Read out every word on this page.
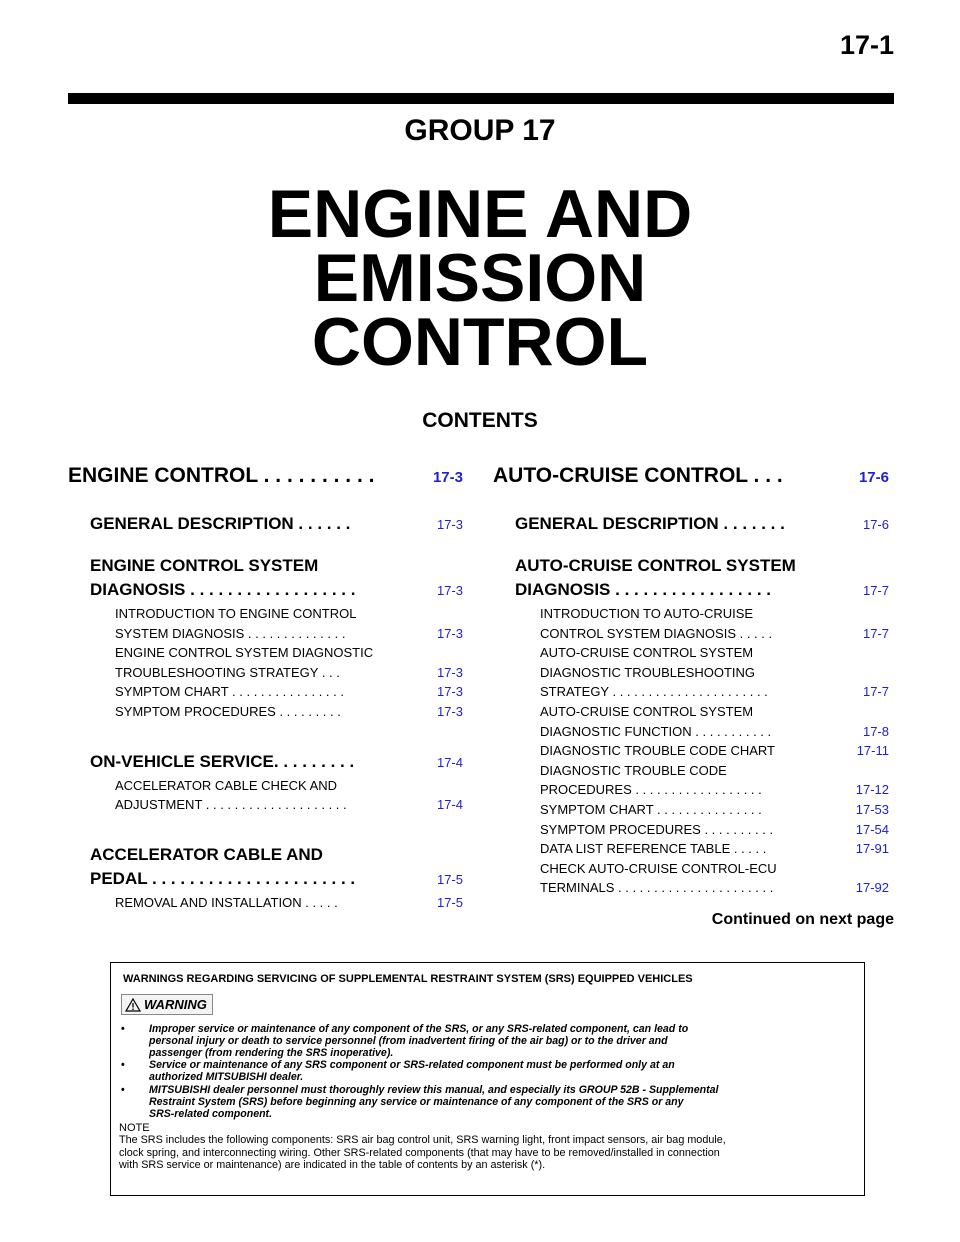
17-1
GROUP 17
ENGINE AND
EMISSION
CONTROL
CONTENTS
ENGINE CONTROL . . . . . . . . . .	17-3
GENERAL DESCRIPTION . . . . . .	17-3
ENGINE CONTROL SYSTEM
DIAGNOSIS . . . . . . . . . . . . . . . . . .	17-3
INTRODUCTION TO ENGINE CONTROL
SYSTEM DIAGNOSIS . . . . . . . . . . . . . .	17-3
ENGINE CONTROL SYSTEM DIAGNOSTIC
TROUBLESHOOTING STRATEGY . . .	17-3
SYMPTOM CHART . . . . . . . . . . . . . . . .	17-3
SYMPTOM PROCEDURES . . . . . . . . .	17-3
ON-VEHICLE SERVICE. . . . . . . . .	17-4
ACCELERATOR CABLE CHECK AND
ADJUSTMENT . . . . . . . . . . . . . . . . . . . .	17-4
ACCELERATOR CABLE AND
PEDAL . . . . . . . . . . . . . . . . . . . . . .	17-5
REMOVAL AND INSTALLATION . . . . .	17-5
AUTO-CRUISE CONTROL . . .	17-6
GENERAL DESCRIPTION . . . . . . .	17-6
AUTO-CRUISE CONTROL SYSTEM
DIAGNOSIS . . . . . . . . . . . . . . . . .	17-7
INTRODUCTION TO AUTO-CRUISE
CONTROL SYSTEM DIAGNOSIS . . . . .	17-7
AUTO-CRUISE CONTROL SYSTEM
DIAGNOSTIC TROUBLESHOOTING
STRATEGY . . . . . . . . . . . . . . . . . . . . . .	17-7
AUTO-CRUISE CONTROL SYSTEM
DIAGNOSTIC FUNCTION . . . . . . . . . . .	17-8
DIAGNOSTIC TROUBLE CODE CHART	17-11
DIAGNOSTIC TROUBLE CODE
PROCEDURES . . . . . . . . . . . . . . . . . .	17-12
SYMPTOM CHART . . . . . . . . . . . . . . .	17-53
SYMPTOM PROCEDURES . . . . . . . . . .	17-54
DATA LIST REFERENCE TABLE . . . . .	17-91
CHECK AUTO-CRUISE CONTROL-ECU
TERMINALS . . . . . . . . . . . . . . . . . . . . . .	17-92
Continued on next page
WARNINGS REGARDING SERVICING OF SUPPLEMENTAL RESTRAINT SYSTEM (SRS) EQUIPPED VEHICLES
WARNING
•	Improper service or maintenance of any component of the SRS, or any SRS-related component, can lead to
personal injury or death to service personnel (from inadvertent firing of the air bag) or to the driver and
passenger (from rendering the SRS inoperative).
•	Service or maintenance of any SRS component or SRS-related component must be performed only at an
authorized MITSUBISHI dealer.
•	MITSUBISHI dealer personnel must thoroughly review this manual, and especially its GROUP 52B - Supplemental
Restraint System (SRS) before beginning any service or maintenance of any component of the SRS or any
SRS-related component.
NOTE
The SRS includes the following components: SRS air bag control unit, SRS warning light, front impact sensors, air bag module,
clock spring, and interconnecting wiring. Other SRS-related components (that may have to be removed/installed in connection
with SRS service or maintenance) are indicated in the table of contents by an asterisk (*).
